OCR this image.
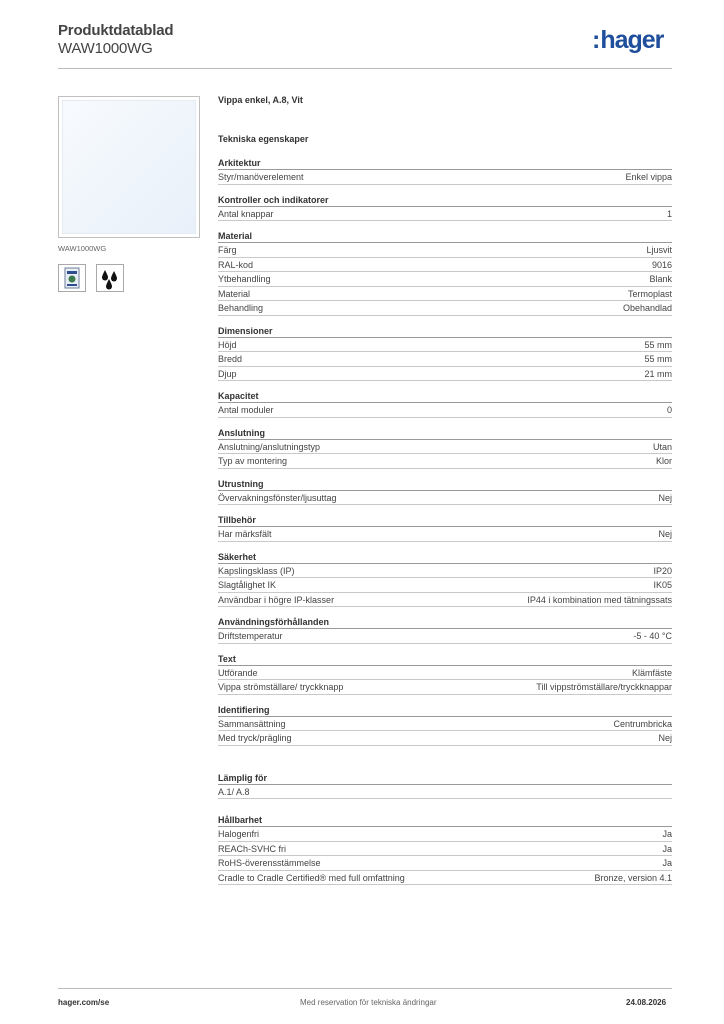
Produktdatablad
WAW1000WG	:hager
WAW1000WG
Vippa enkel, A.8, Vit
Tekniska egenskaper
Arkitektur
Styr/manöverelement	Enkel vippa
Kontroller och indikatorer
Antal knappar	1
Material
Färg	Ljusvit
RAL-kod	9016
Ytbehandling	Blank
Material	Termoplast
Behandling	Obehandlad
Dimensioner
Höjd	55 mm
Bredd	55 mm
Djup	21 mm
Kapacitet
Antal moduler	0
Anslutning
Anslutning/anslutningstyp	Utan
Typ av montering	Klor
Utrustning
Övervakningsfönster/ljusuttag	Nej
Tillbehör
Har märksfält	Nej
Säkerhet
Kapslingsklass (IP)	IP20
Slagtålighet IK	IK05
Användbar i högre IP-klasser	IP44 i kombination med tätningssats
Användningsförhållanden
Driftstemperatur	-5 - 40 °C
Text
Utförande	Klämfäste
Vippa strömställare/ tryckknapp	Till vippströmställare/tryckknappar
Identifiering
Sammansättning	Centrumbricka
Med tryck/prägling	Nej
Lämplig för
A.1/ A.8
Hållbarhet
Halogenfri	Ja
REACh-SVHC fri	Ja
RoHS-överensstämmelse	Ja
Cradle to Cradle Certified® med full omfattning	Bronze, version 4.1
hager.com/se	Med reservation för tekniska ändringar	24.08.2026
